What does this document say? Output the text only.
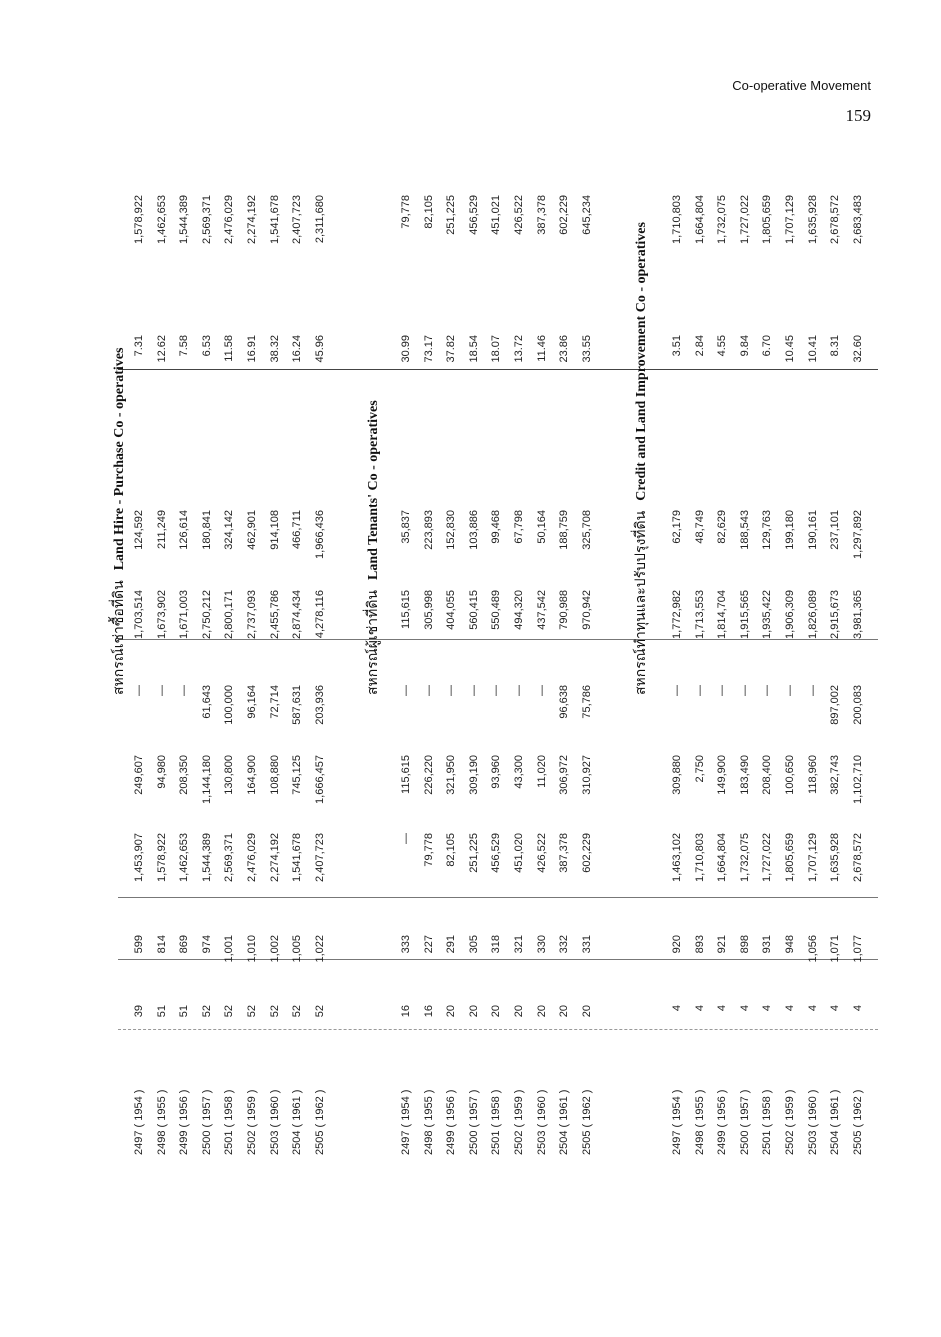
Co-operative Movement
159
สหกรณ์เช่าซื้อที่ดินLand Hire - Purchase Co - operatives
2497 ( 1954 )
39
599
1,453,907
249,607
—
1,703,514
124,592
7.31
1,578,922
2498 ( 1955 )
51
814
1,578,922
94,980
—
1,673,902
211,249
12.62
1,462,653
2499 ( 1956 )
51
869
1,462,653
208,350
—
1,671,003
126,614
7.58
1,544,389
2500 ( 1957 )
52
974
1,544,389
1,144,180
61,643
2,750,212
180,841
6.53
2,569,371
2501 ( 1958 )
52
1,001
2,569,371
130,800
100,000
2,800,171
324,142
11.58
2,476,029
2502 ( 1959 )
52
1,010
2,476,029
164,900
96,164
2,737,093
462,901
16.91
2,274,192
2503 ( 1960 )
52
1,002
2,274,192
108,880
72,714
2,455,786
914,108
38.32
1,541,678
2504 ( 1961 )
52
1,005
1,541,678
745,125
587,631
2,874,434
466,711
16.24
2,407,723
2505 ( 1962 )
52
1,022
2,407,723
1,666,457
203,936
4,278,116
1,966,436
45.96
2,311,680
สหกรณ์ผู้เช่าที่ดินLand Tenants' Co - operatives
2497 ( 1954 )
16
333
—
115,615
—
115,615
35,837
30.99
79,778
2498 ( 1955 )
16
227
79,778
226,220
—
305,998
223,893
73.17
82,105
2499 ( 1956 )
20
291
82,105
321,950
—
404,055
152,830
37.82
251,225
2500 ( 1957 )
20
305
251,225
309,190
—
560,415
103,886
18.54
456,529
2501 ( 1958 )
20
318
456,529
93,960
—
550,489
99,468
18.07
451,021
2502 ( 1959 )
20
321
451,020
43,300
—
494,320
67,798
13.72
426,522
2503 ( 1960 )
20
330
426,522
11,020
—
437,542
50,164
11.46
387,378
2504 ( 1961 )
20
332
387,378
306,972
96,638
790,988
188,759
23.86
602,229
2505 ( 1962 )
20
331
602,229
310,927
75,786
970,942
325,708
33.55
645,234
สหกรณ์ทำทุนและปรับปรุงที่ดินCredit and Land Improvement Co - operatives
2497 ( 1954 )
4
920
1,463,102
309,880
—
1,772,982
62,179
3.51
1,710,803
2498 ( 1955 )
4
893
1,710,803
2,750
—
1,713,553
48,749
2.84
1,664,804
2499 ( 1956 )
4
921
1,664,804
149,900
—
1,814,704
82,629
4.55
1,732,075
2500 ( 1957 )
4
898
1,732,075
183,490
—
1,915,565
188,543
9.84
1,727,022
2501 ( 1958 )
4
931
1,727,022
208,400
—
1,935,422
129,763
6.70
1,805,659
2502 ( 1959 )
4
948
1,805,659
100,650
—
1,906,309
199,180
10.45
1,707,129
2503 ( 1960 )
4
1,056
1,707,129
118,960
—
1,826,089
190,161
10.41
1,635,928
2504 ( 1961 )
4
1,071
1,635,928
382,743
897,002
2,915,673
237,101
8.31
2,678,572
2505 ( 1962 )
4
1,077
2,678,572
1,102,710
200,083
3,981,365
1,297,892
32.60
2,683,483
